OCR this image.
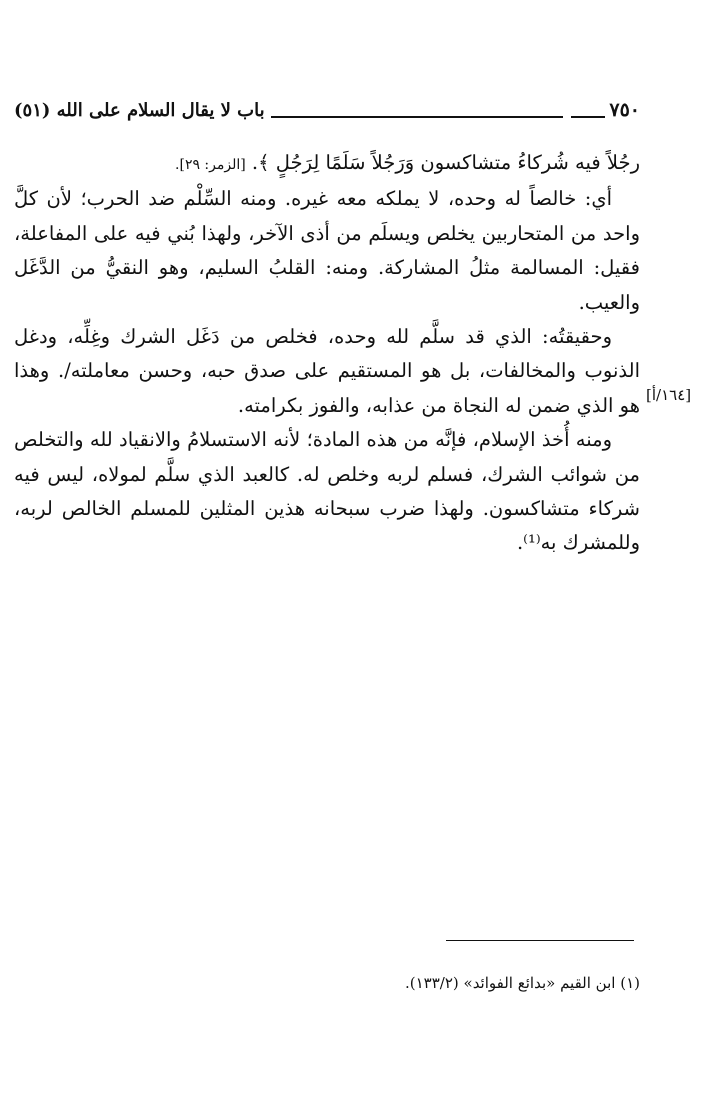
٧٥٠
باب لا يقال السلام على الله (٥١)

رجُلاً فيه شُركاءُ متشاكسون وَرَجُلاً سَلَمًا لِرَجُلٍ ﴾. [الزمر: ٢٩].

أي: خالصاً له وحده، لا يملكه معه غيره. ومنه السِّلْم ضد الحرب؛ لأن كلَّ واحد من المتحاربين يخلص ويسلَم من أذى الآخر، ولهذا بُني فيه على المفاعلة، فقيل: المسالمة مثلُ المشاركة. ومنه: القلبُ السليم، وهو النقيُّ من الدَّغَل والعيب.

وحقيقتُه: الذي قد سلَّم لله وحده، فخلص من دَغَل الشرك وغِلِّه، ودغل الذنوب والمخالفات، بل هو المستقيم على صدق حبه، وحسن معاملته/. وهذا هو الذي ضمن له النجاة من عذابه، والفوز بكرامته.

ومنه أُخذ الإسلام، فإنَّه من هذه المادة؛ لأنه الاستسلامُ والانقياد لله والتخلص من شوائب الشرك، فسلم لربه وخلص له. كالعبد الذي سلَّم لمولاه، ليس فيه شركاء متشاكسون. ولهذا ضرب سبحانه هذين المثلين للمسلم الخالص لربه، وللمشرك به⁽¹⁾.

[١٦٤/أ]
(١) ابن القيم «بدائع الفوائد» (١٣٣/٢).
